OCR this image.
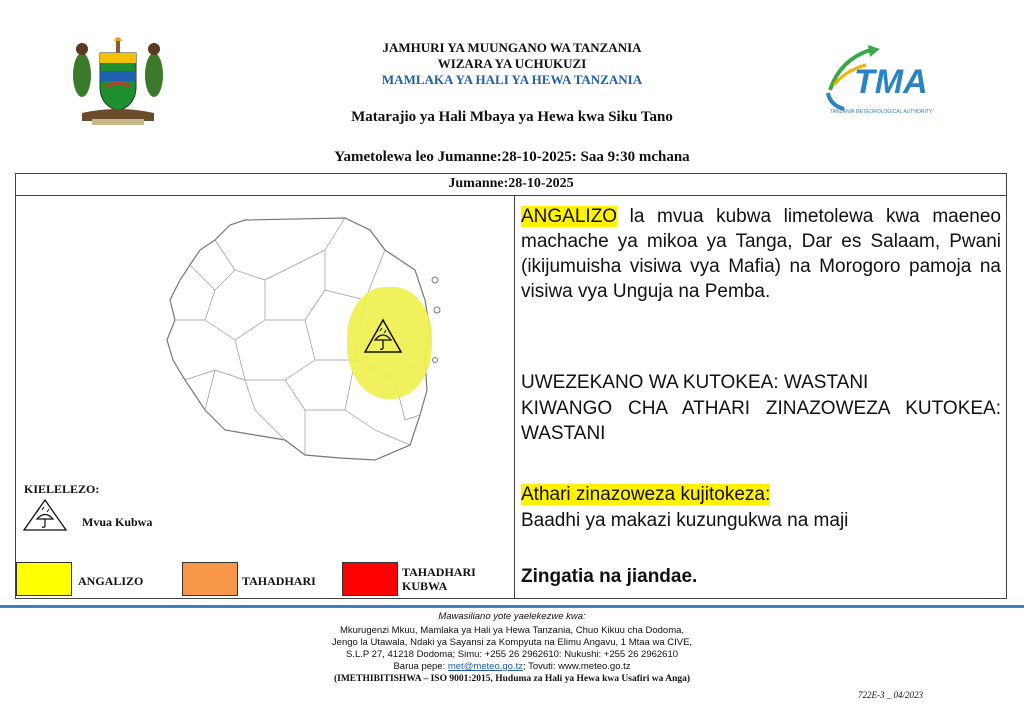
JAMHURI YA MUUNGANO WA TANZANIA
WIZARA YA UCHUKUZI
MAMLAKA YA HALI YA HEWA TANZANIA
Matarajio ya Hali Mbaya ya Hewa kwa Siku Tano
Yametolewa leo Jumanne:28-10-2025: Saa 9:30 mchana
TMA
TANZANIA METEOROLOGICAL AUTHORITY
Jumanne:28-10-2025
KIELELEZO:
Mvua Kubwa
ANGALIZO	TAHADHARI
TAHADHARI KUBWA
ANGALIZO la mvua kubwa limetolewa kwa maeneo machache ya mikoa ya Tanga, Dar es Salaam, Pwani (ikijumuisha visiwa vya Mafia) na Morogoro pamoja na visiwa vya Unguja na Pemba.
UWEZEKANO WA KUTOKEA: WASTANI
KIWANGO CHA ATHARI ZINAZOWEZA KUTOKEA: WASTANI
Athari zinazoweza kujitokeza:
Baadhi ya makazi kuzungukwa na maji
Zingatia na jiandae.
Mawasiliano yote yaelekezwe kwa:
Mkurugenzi Mkuu, Mamlaka ya Hali ya Hewa Tanzania, Chuo Kikuu cha Dodoma,
Jengo la Utawala, Ndaki ya Sayansi za Kompyuta na Elimu Angavu, 1 Mtaa wa CIVE,
S.L.P 27, 41218 Dodoma; Simu: +255 26 2962610: Nukushi: +255 26 2962610
Barua pepe: met@meteo.go.tz; Tovuti: www.meteo.go.tz
(IMETHIBITISHWA – ISO 9001:2015, Huduma za Hali ya Hewa kwa Usafiri wa Anga)
722E-3 _ 04/2023
